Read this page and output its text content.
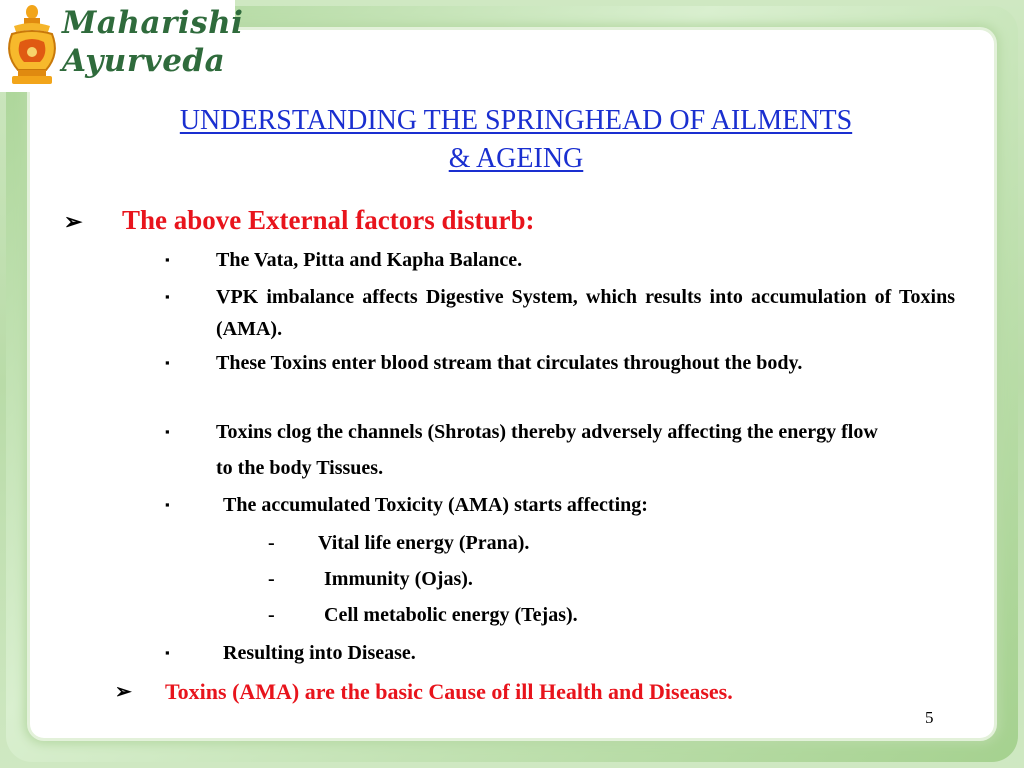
Maharishi
Ayurveda
UNDERSTANDING THE SPRINGHEAD OF AILMENTS
& AGEING
➢ The above External factors disturb:
▪ The Vata, Pitta and Kapha Balance.
▪ VPK imbalance affects Digestive System, which results into accumulation of Toxins (AMA).
▪ These Toxins enter blood stream that circulates throughout the body.
▪ Toxins clog the channels (Shrotas) thereby adversely affecting the energy flow to the body Tissues.
▪	The accumulated Toxicity (AMA) starts affecting:
- Vital life energy (Prana).
- Immunity (Ojas).
- Cell metabolic energy (Tejas).
▪	Resulting into Disease.
➢ Toxins (AMA) are the basic Cause of ill Health and Diseases.
5
